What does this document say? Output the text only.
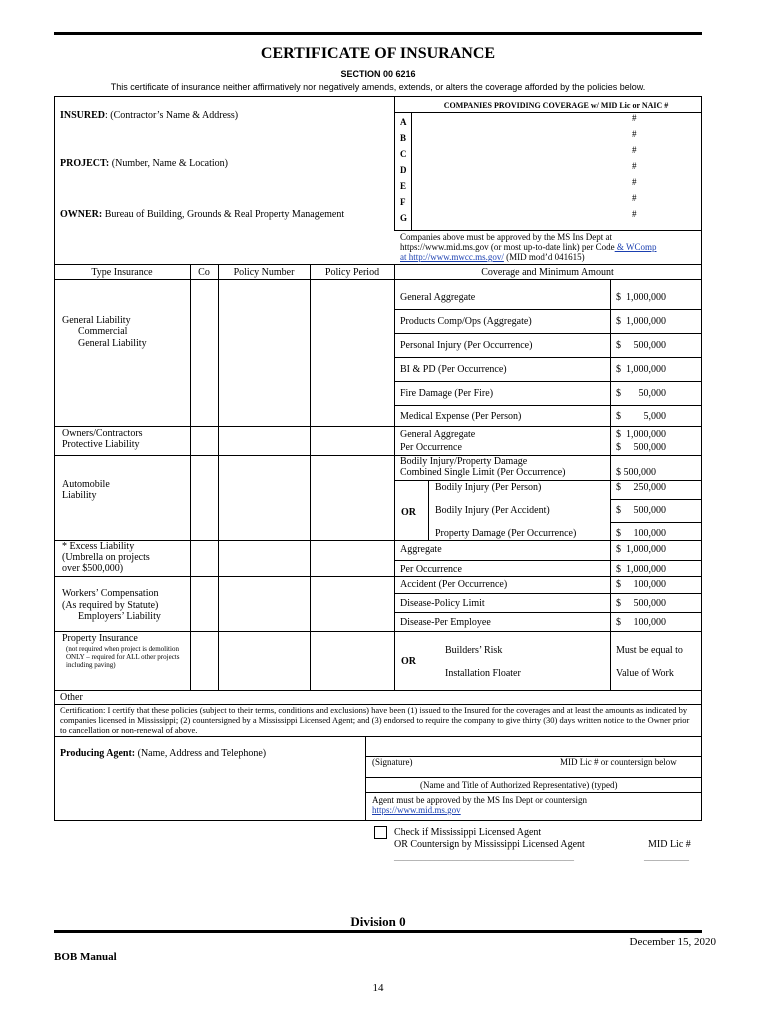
CERTIFICATE OF INSURANCE
SECTION 00 6216
This certificate of insurance neither affirmatively nor negatively amends, extends, or alters the coverage afforded by the policies below.
INSURED: (Contractor’s Name & Address)
PROJECT: (Number, Name & Location)
OWNER: Bureau of Building, Grounds & Real Property Management
COMPANIES PROVIDING COVERAGE w/ MID Lic or NAIC #
A	#
B	#
C	#
D	#
E	#
F	#
G	#
Companies above must be approved by the MS Ins Dept at
https://www.mid.ms.gov (or most up-to-date link) per Code & WComp
at http://www.mwcc.ms.gov/ (MID mod’d 041615)
Type Insurance	Co	Policy Number	Policy Period	Coverage and Minimum Amount
General Liability
Commercial
General Liability
General Aggregate	$  1,000,000
Products Comp/Ops (Aggregate)	$  1,000,000
Personal Injury (Per Occurrence)	$     500,000
BI & PD (Per Occurrence)	$  1,000,000
Fire Damage (Per Fire)	$       50,000
Medical Expense (Per Person)	$         5,000
Owners/Contractors
Protective Liability
General Aggregate	$  1,000,000
Per Occurrence	$     500,000
Automobile
Liability
Bodily Injury/Property Damage
Combined Single Limit (Per Occurrence)	$ 500,000
OR
Bodily Injury (Per Person)	$     250,000
Bodily Injury (Per Accident)	$     500,000
Property Damage (Per Occurrence)	$     100,000
* Excess Liability
(Umbrella on projects
over $500,000)
Aggregate	$  1,000,000
Per Occurrence	$  1,000,000
Workers’ Compensation
(As required by Statute)
Employers’ Liability
Accident (Per Occurrence)	$     100,000
Disease-Policy Limit	$     500,000
Disease-Per Employee	$     100,000
Property Insurance
(not required when project is demolition ONLY – required for ALL other projects including paving)
Builders’ Risk
OR
Installation Floater
Must be equal to
Value of Work
Other
Certification: I certify that these policies (subject to their terms, conditions and exclusions) have been (1) issued to the Insured for the coverages and at least the amounts as indicated by companies licensed in Mississippi; (2) countersigned by a Mississippi Licensed Agent; and (3) endorsed to require the company to give thirty (30) days written notice to the Owner prior to cancellation or non-renewal of above.
Producing Agent: (Name, Address and Telephone)
(Signature)	MID Lic # or countersign below
(Name and Title of Authorized Representative) (typed)
Agent must be approved by the MS Ins Dept or countersign
https://www.mid.ms.gov
Check if Mississippi Licensed Agent
OR Countersign by Mississippi Licensed Agent	MID Lic #
________________________________________	__________
Division 0
December 15, 2020
BOB Manual
14
